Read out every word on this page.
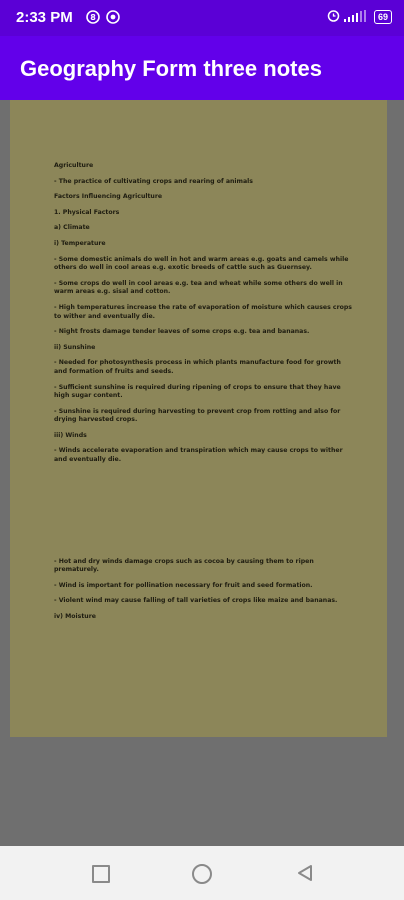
2:33 PM 8	69
Geography Form three notes

Agriculture

- The practice of cultivating crops and rearing of animals

Factors Influencing Agriculture

1. Physical Factors

a) Climate

i) Temperature

- Some domestic animals do well in hot and warm areas e.g. goats and camels while others do well in cool areas e.g. exotic breeds of cattle such as Guernsey.

- Some crops do well in cool areas e.g. tea and wheat while some others do well in warm areas e.g. sisal and cotton.

- High temperatures increase the rate of evaporation of moisture which causes crops to wither and eventually die.

- Night frosts damage tender leaves of some crops e.g. tea and bananas.

ii) Sunshine

- Needed for photosynthesis process in which plants manufacture food for growth and formation of fruits and seeds.

- Sufficient sunshine is required during ripening of crops to ensure that they have high sugar content.

- Sunshine is required during harvesting to prevent crop from rotting and also for drying harvested crops.

iii) Winds

- Winds accelerate evaporation and transpiration which may cause crops to wither and eventually die.

- Hot and dry winds damage crops such as cocoa by causing them to ripen prematurely.

- Wind is important for pollination necessary for fruit and seed formation.

- Violent wind may cause falling of tall varieties of crops like maize and bananas.

iv) Moisture
